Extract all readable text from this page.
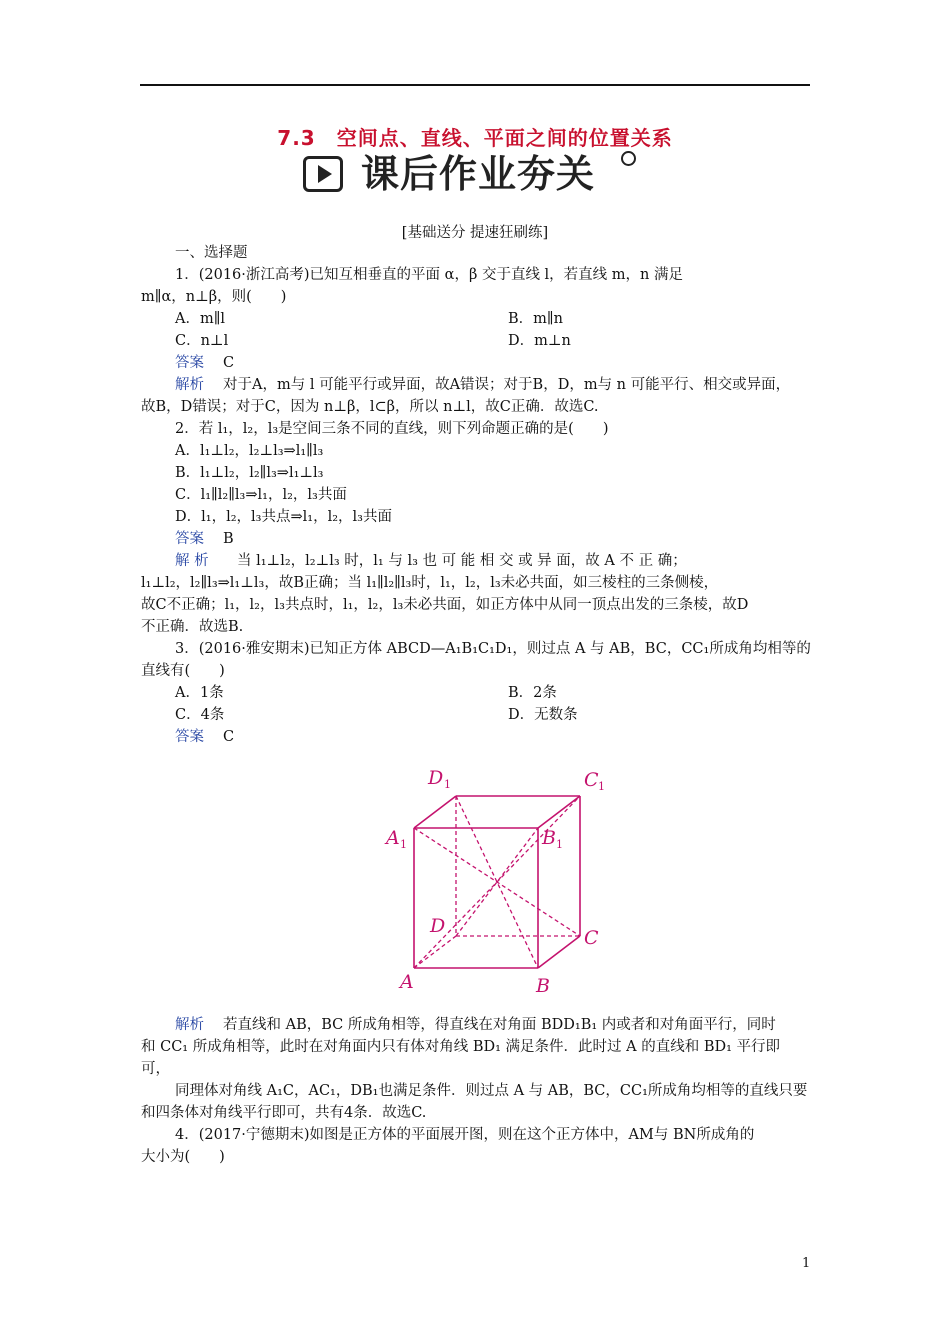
7.3　空间点、直线、平面之间的位置关系
课后作业夯关
[基础送分 提速狂刷练]
一、选择题
1．(2016·浙江高考)已知互相垂直的平面 α，β 交于直线 l，若直线 m，n 满足
m∥α，n⊥β，则(　　)
A．m∥l	B．m∥n
C．n⊥l	D．m⊥n
答案 C
解析 对于A，m与 l 可能平行或异面，故A错误；对于B，D，m与 n 可能平行、相交或异面，
故B，D错误；对于C，因为 n⊥β，l⊂β，所以 n⊥l，故C正确．故选C.
2．若 l₁，l₂，l₃是空间三条不同的直线，则下列命题正确的是(　　)
A．l₁⊥l₂，l₂⊥l₃⇒l₁∥l₃
B．l₁⊥l₂，l₂∥l₃⇒l₁⊥l₃
C．l₁∥l₂∥l₃⇒l₁，l₂，l₃共面
D．l₁，l₂，l₃共点⇒l₁，l₂，l₃共面
答案 B
解 析 当 l₁⊥l₂，l₂⊥l₃ 时，l₁ 与 l₃ 也 可 能 相 交 或 异 面，故 A 不 正 确；
l₁⊥l₂，l₂∥l₃⇒l₁⊥l₃，故B正确；当 l₁∥l₂∥l₃时，l₁，l₂，l₃未必共面，如三棱柱的三条侧棱，
故C不正确；l₁，l₂，l₃共点时，l₁，l₂，l₃未必共面，如正方体中从同一顶点出发的三条棱，故D
不正确．故选B.
3．(2016·雅安期末)已知正方体 ABCD—A₁B₁C₁D₁，则过点 A 与 AB，BC，CC₁所成角均相等的
直线有(　　)
A．1条	B．2条
C．4条	D．无数条
答案 C
D 1	C 1
A 1	B 1
D
C
A	B
解析 若直线和 AB，BC 所成角相等，得直线在对角面 BDD₁B₁ 内或者和对角面平行，同时
和 CC₁ 所成角相等，此时在对角面内只有体对角线 BD₁ 满足条件．此时过 A 的直线和 BD₁ 平行即
可，
同理体对角线 A₁C，AC₁，DB₁也满足条件．则过点 A 与 AB，BC，CC₁所成角均相等的直线只要
和四条体对角线平行即可，共有4条．故选C.
4．(2017·宁德期末)如图是正方体的平面展开图，则在这个正方体中，AM与 BN所成角的
大小为(　　)
1
